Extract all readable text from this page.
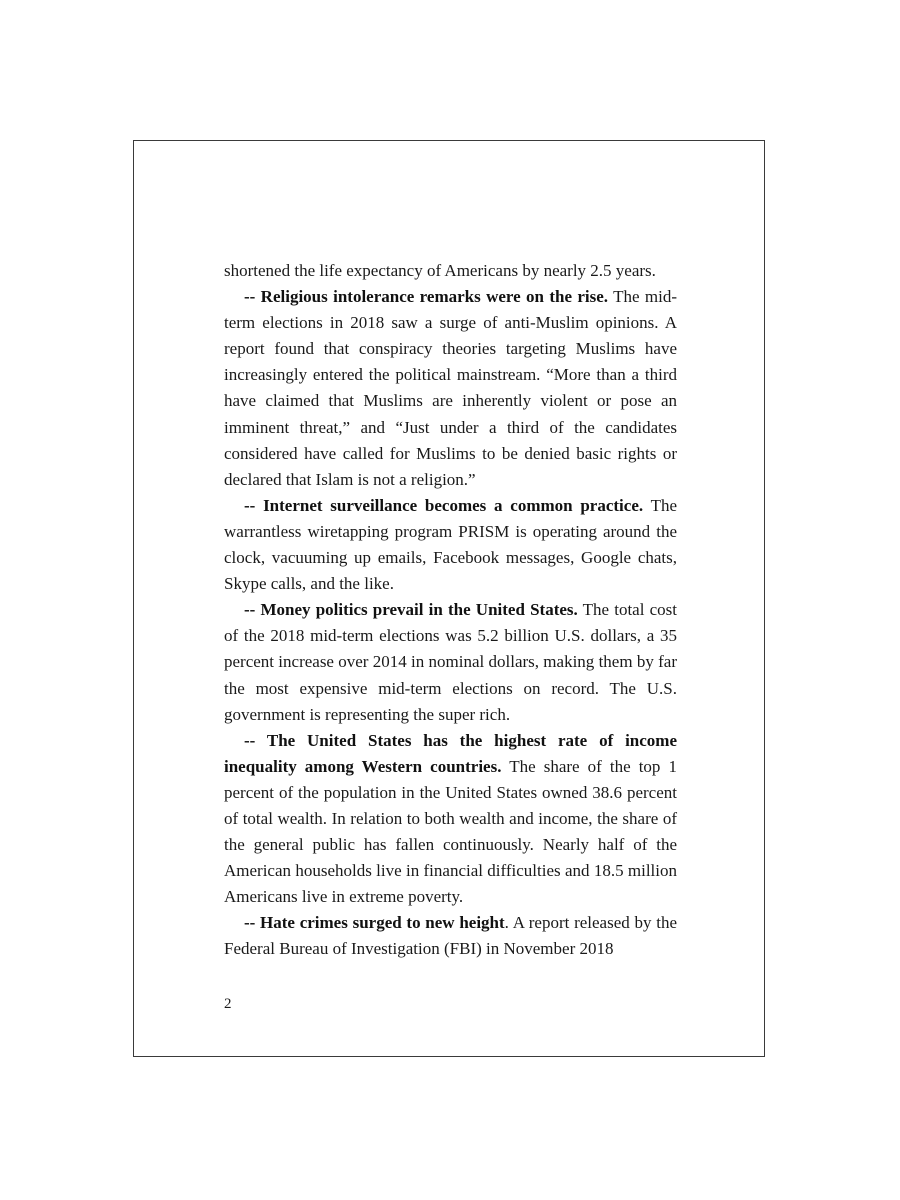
shortened the life expectancy of Americans by nearly 2.5 years.

-- Religious intolerance remarks were on the rise. The mid-term elections in 2018 saw a surge of anti-Muslim opinions. A report found that conspiracy theories targeting Muslims have increasingly entered the political mainstream. “More than a third have claimed that Muslims are inherently violent or pose an imminent threat,” and “Just under a third of the candidates considered have called for Muslims to be denied basic rights or declared that Islam is not a religion.”

-- Internet surveillance becomes a common practice. The warrantless wiretapping program PRISM is operating around the clock, vacuuming up emails, Facebook messages, Google chats, Skype calls, and the like.

-- Money politics prevail in the United States. The total cost of the 2018 mid-term elections was 5.2 billion U.S. dollars, a 35 percent increase over 2014 in nominal dollars, making them by far the most expensive mid-term elections on record. The U.S. government is representing the super rich.

-- The United States has the highest rate of income inequality among Western countries. The share of the top 1 percent of the population in the United States owned 38.6 percent of total wealth. In relation to both wealth and income, the share of the general public has fallen continuously. Nearly half of the American households live in financial difficulties and 18.5 million Americans live in extreme poverty.

-- Hate crimes surged to new height. A report released by the Federal Bureau of Investigation (FBI) in November 2018

2
